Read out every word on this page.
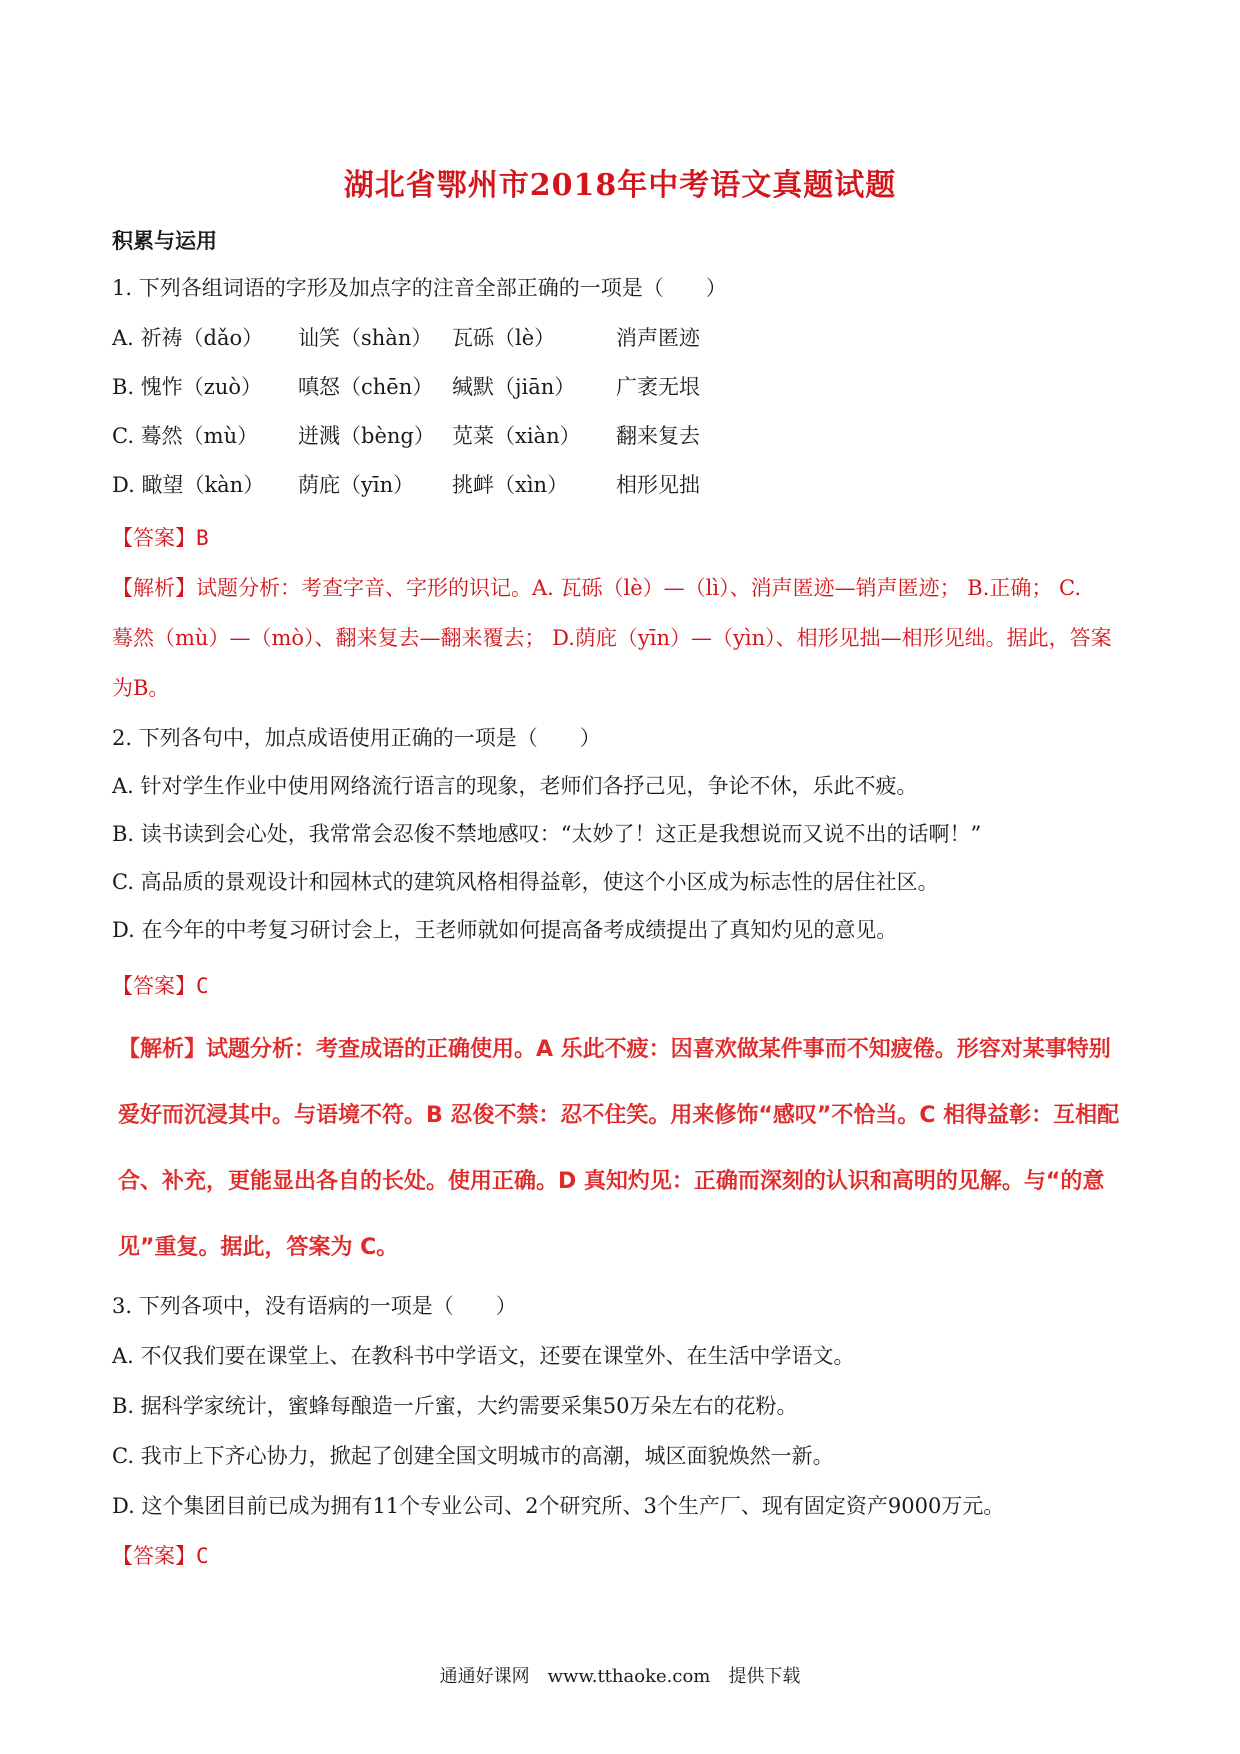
湖北省鄂州市2018年中考语文真题试题
积累与运用
1. 下列各组词语的字形及加点字的注音全部正确的一项是（　　）
A. 祈祷（dǎo） 讪笑（shàn） 瓦砾（lè）	消声匿迹
B. 愧怍（zuò） 嗔怒（chēn） 缄默（jiān） 广袤无垠
C. 蓦然（mù） 迸溅（bèng） 苋菜（xiàn） 翻来复去
D. 瞰望（kàn） 荫庇（yīn） 挑衅（xìn） 相形见拙
【答案】B
【解析】试题分析：考查字音、字形的识记。A. 瓦砾（lè）—（lì）、消声匿迹—销声匿迹； B.正确； C.
蓦然（mù）—（mò）、翻来复去—翻来覆去； D.荫庇（yīn）—（yìn）、相形见拙—相形见绌。据此，答案
为B。
2. 下列各句中，加点成语使用正确的一项是（　　）
A. 针对学生作业中使用网络流行语言的现象，老师们各抒己见，争论不休，乐此不疲。
B. 读书读到会心处，我常常会忍俊不禁地感叹：“太妙了！这正是我想说而又说不出的话啊！”
C. 高品质的景观设计和园林式的建筑风格相得益彰，使这个小区成为标志性的居住社区。
D. 在今年的中考复习研讨会上，王老师就如何提高备考成绩提出了真知灼见的意见。
【答案】C
【解析】试题分析：考查成语的正确使用。A 乐此不疲：因喜欢做某件事而不知疲倦。形容对某事特别
爱好而沉浸其中。与语境不符。B 忍俊不禁：忍不住笑。用来修饰“感叹”不恰当。C 相得益彰：互相配
合、补充，更能显出各自的长处。使用正确。D 真知灼见：正确而深刻的认识和高明的见解。与“的意
见”重复。据此，答案为 C。
3. 下列各项中，没有语病的一项是（　　）
A. 不仅我们要在课堂上、在教科书中学语文，还要在课堂外、在生活中学语文。
B. 据科学家统计，蜜蜂每酿造一斤蜜，大约需要采集50万朵左右的花粉。
C. 我市上下齐心协力，掀起了创建全国文明城市的高潮，城区面貌焕然一新。
D. 这个集团目前已成为拥有11个专业公司、2个研究所、3个生产厂、现有固定资产9000万元。
【答案】C
通通好课网　www.tthaoke.com　提供下载
